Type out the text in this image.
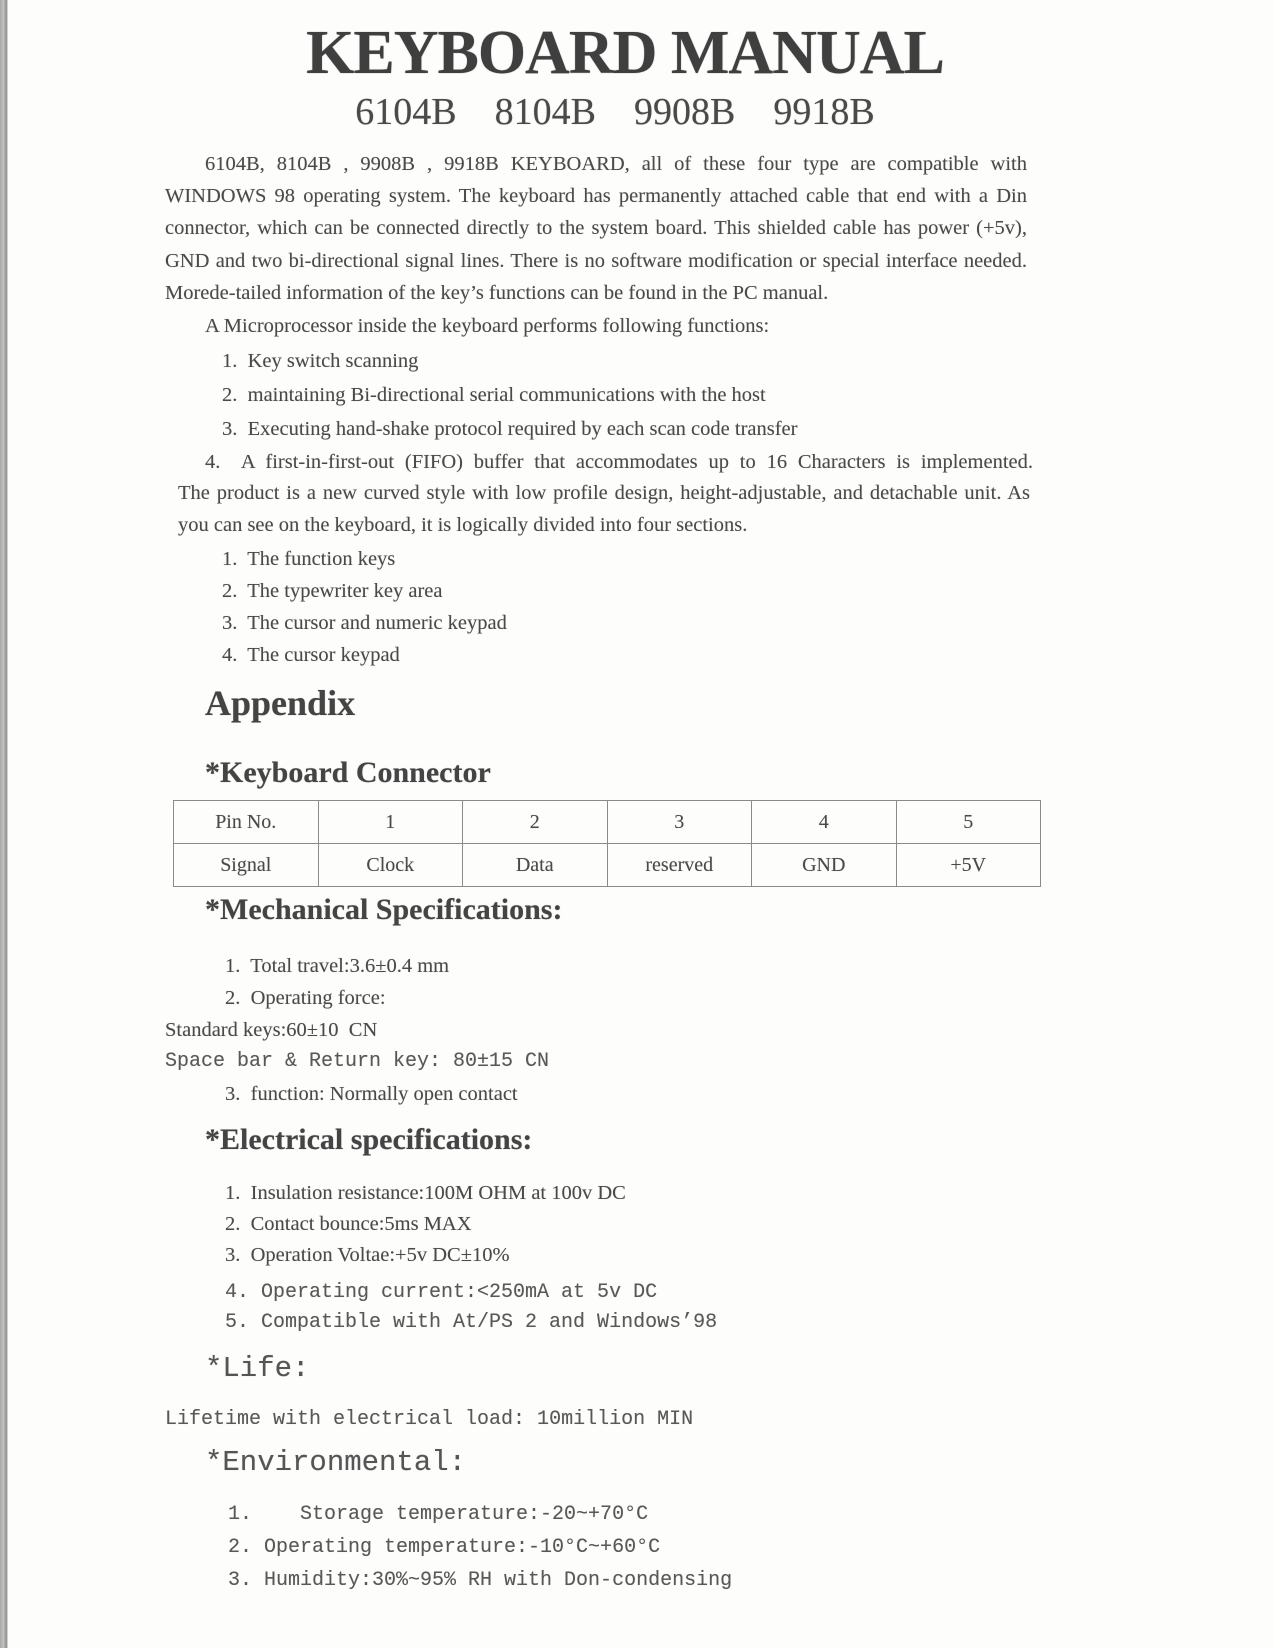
KEYBOARD MANUAL
6104B 8104B 9908B 9918B

6104B, 8104B , 9908B , 9918B KEYBOARD, all of these four type are compatible with WINDOWS 98 operating system. The keyboard has permanently attached cable that end with a Din connector, which can be connected directly to the system board. This shielded cable has power (+5v), GND and two bi-directional signal lines. There is no software modification or special interface needed. Morede-tailed information of the key’s functions can be found in the PC manual.

A Microprocessor inside the keyboard performs following functions:
1.  Key switch scanning
2.  maintaining Bi-directional serial communications with the host
3.  Executing hand-shake protocol required by each scan code transfer
4.  A first-in-first-out (FIFO) buffer that accommodates up to 16 Characters is implemented.

The product is a new curved style with low profile design, height-adjustable, and detachable unit. As you can see on the keyboard, it is logically divided into four sections.

1.  The function keys
2.  The typewriter key area
3.  The cursor and numeric keypad
4.  The cursor keypad
Appendix
*Keyboard Connector
Pin No.	1	2	3	4	5
Signal	Clock	Data	reserved	GND	+5V
*Mechanical Specifications:
1.  Total travel:3.6±0.4 mm
2.  Operating force:
Standard keys:60±10  CN
Space bar & Return key: 80±15 CN
3.  function: Normally open contact
*Electrical specifications:
1.  Insulation resistance:100M OHM at 100v DC
2.  Contact bounce:5ms MAX
3.  Operation Voltae:+5v DC±10%
4. Operating current:<250mA at 5v DC
5. Compatible with At/PS 2 and Windows’98
*Life:
Lifetime with electrical load: 10million MIN
*Environmental:
1.    Storage temperature:-20~+70°C
2. Operating temperature:-10°C~+60°C
3. Humidity:30%~95% RH with Don-condensing
